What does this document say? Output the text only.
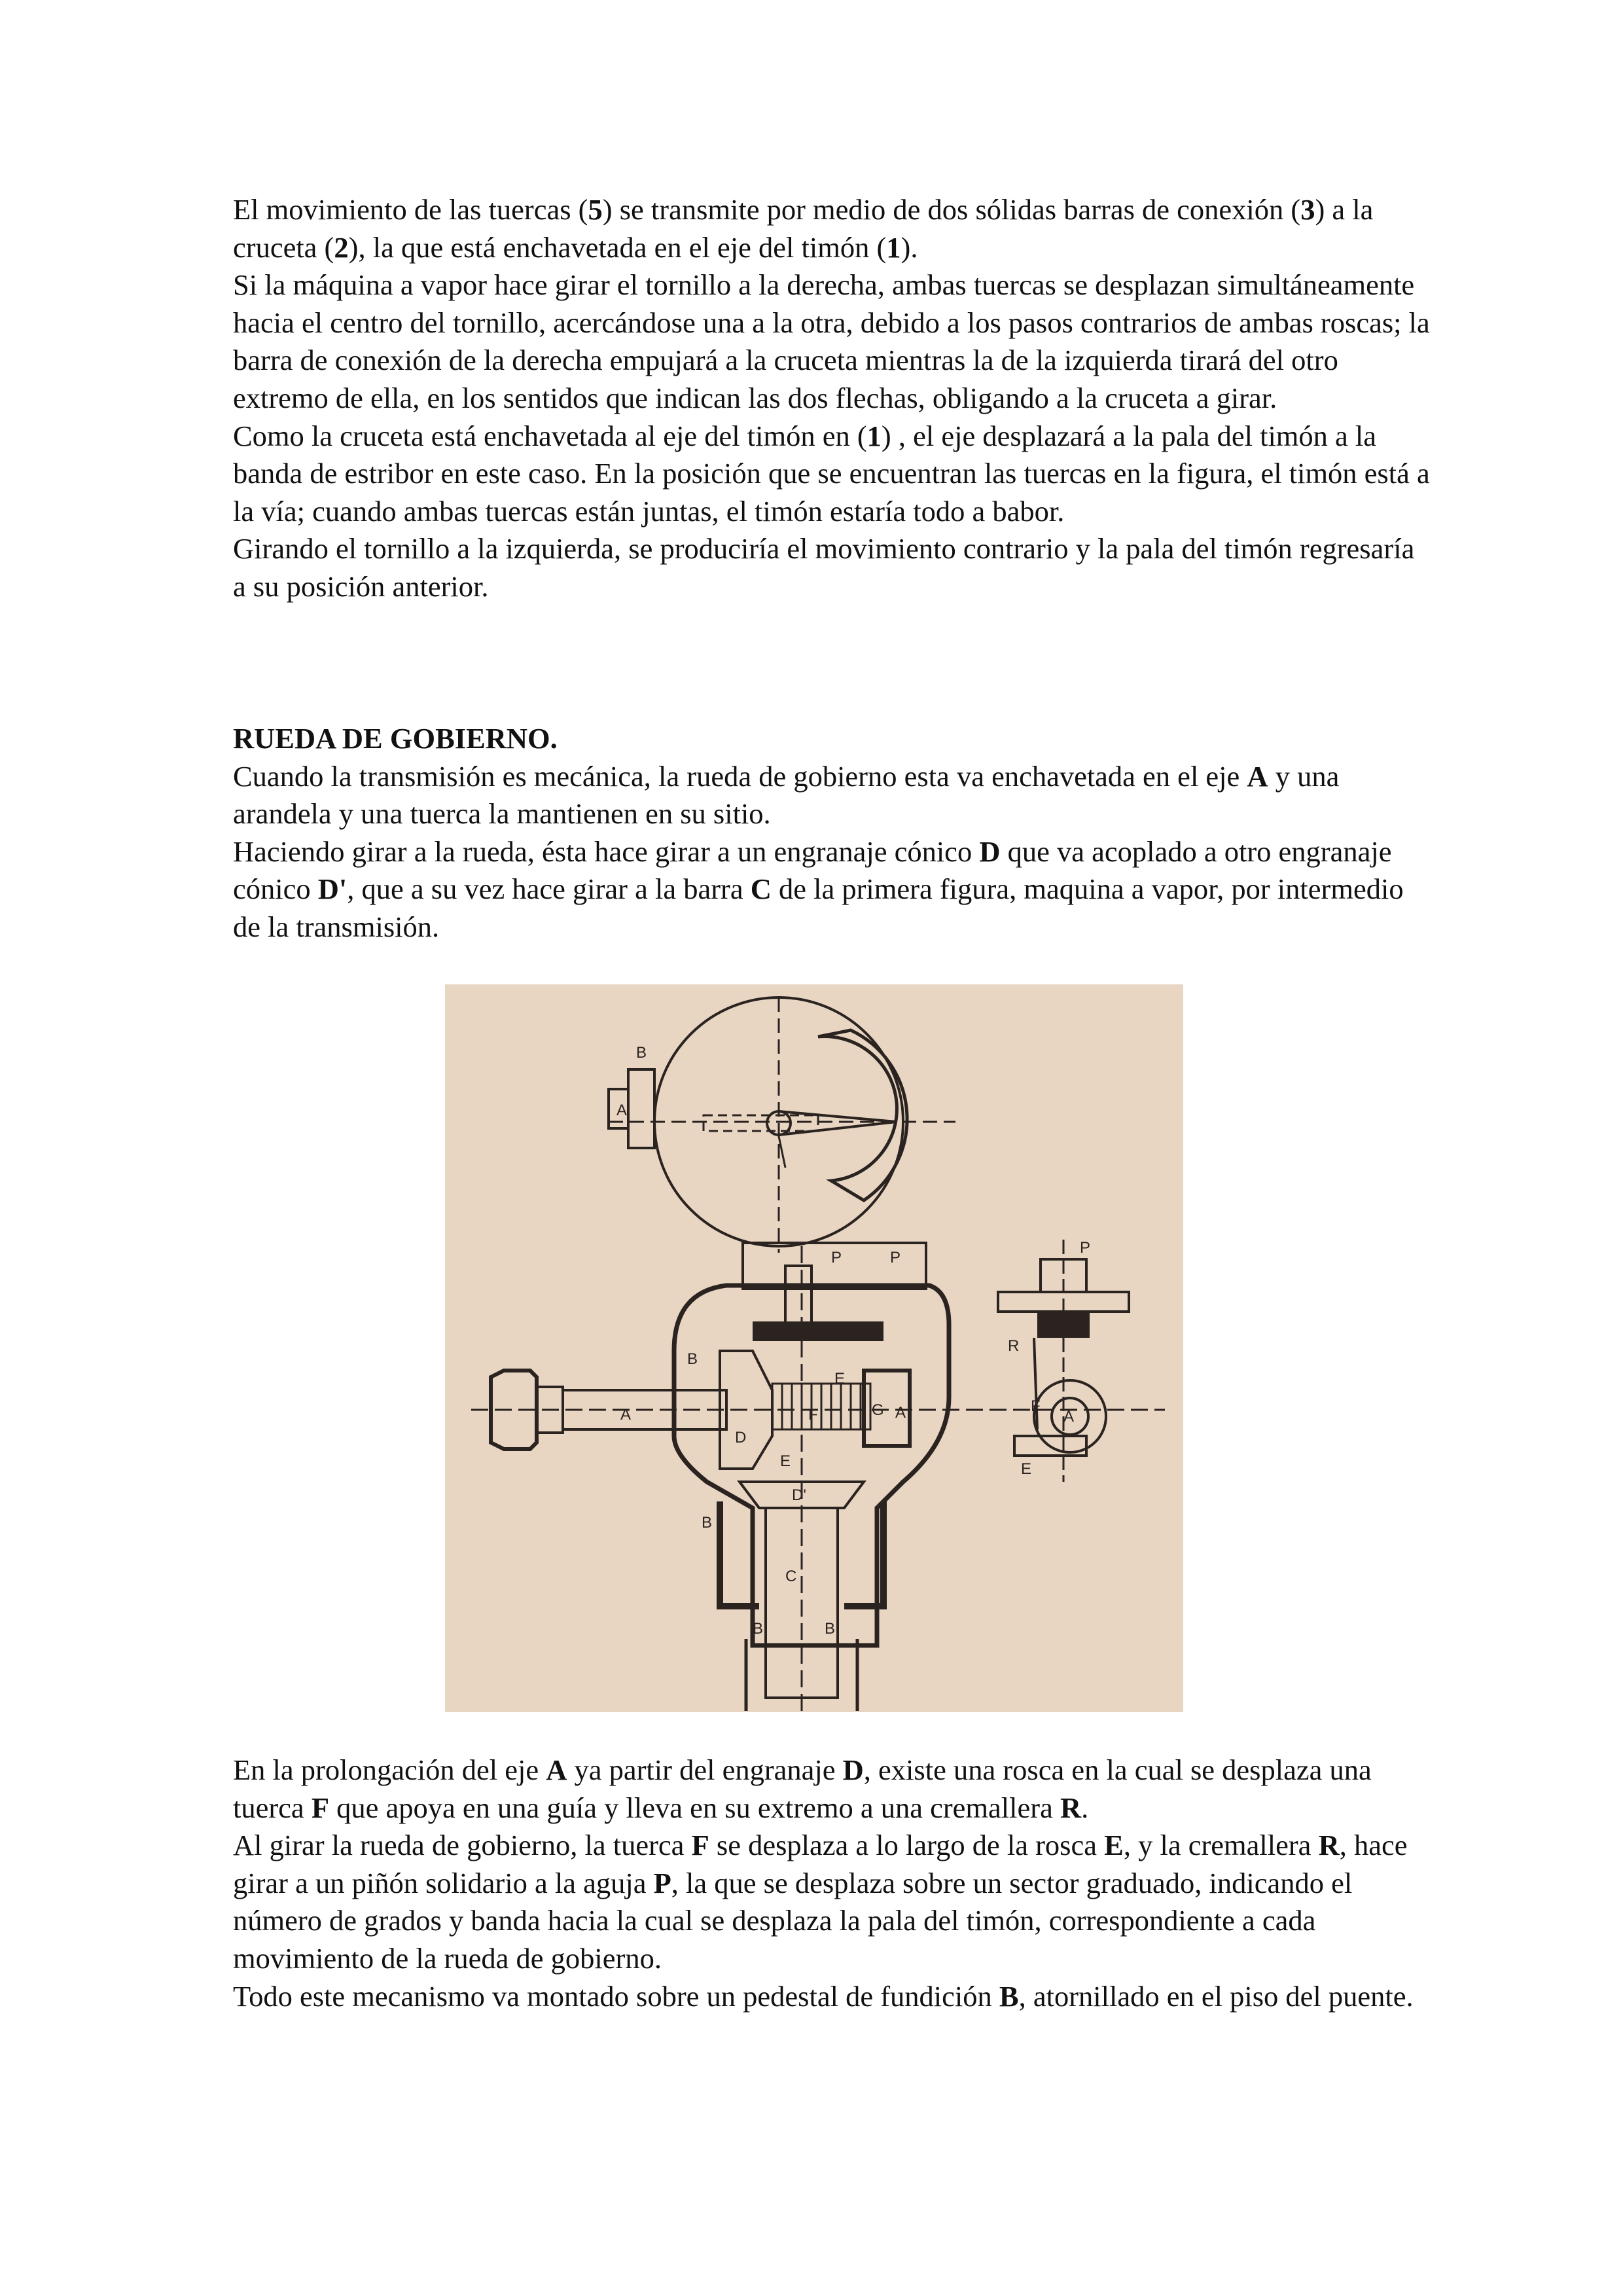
El movimiento de las tuercas (5) se transmite por medio de dos sólidas barras de conexión (3) a la cruceta (2), la que está enchavetada en el eje del timón (1).

Si la máquina a vapor hace girar el tornillo a la derecha, ambas tuercas se desplazan simultáneamente hacia el centro del tornillo, acercándose una a la otra, debido a los pasos contrarios de ambas roscas; la barra de conexión de la derecha empujará a la cruceta mientras la de la izquierda tirará del otro extremo de ella, en los sentidos que indican las dos flechas, obligando a la cruceta a girar.

Como la cruceta está enchavetada al eje del timón en (1) , el eje desplazará a la pala del timón a la banda de estribor en este caso. En la posición que se encuentran las tuercas en la figura, el timón está a la vía; cuando ambas tuercas están juntas, el timón estaría todo a babor.

Girando el tornillo a la izquierda, se produciría el movimiento contrario y la pala del timón regresaría a su posición anterior.

RUEDA DE GOBIERNO.

Cuando la transmisión es mecánica, la rueda de gobierno esta va enchavetada en el eje A y una arandela y una tuerca la mantienen en su sitio.

Haciendo girar a la rueda, ésta hace girar a un engranaje cónico D que va acoplado a otro engranaje cónico D', que a su vez hace girar a la barra C de la primera figura, maquina a vapor, por intermedio de la transmisión.

B
A
P	P
R
B
A
E
F	G A
D
E
D'
B
C
B	B
P
R
F
A
E

En la prolongación del eje A ya partir del engranaje D, existe una rosca en la cual se desplaza una tuerca F que apoya en una guía y lleva en su extremo a una cremallera R.

Al girar la rueda de gobierno, la tuerca F se desplaza a lo largo de la rosca E, y la cremallera R, hace girar a un piñón solidario a la aguja P, la que se desplaza sobre un sector graduado, indicando el número de grados y banda hacia la cual se desplaza la pala del timón, correspondiente a cada movimiento de la rueda de gobierno.

Todo este mecanismo va montado sobre un pedestal de fundición B, atornillado en el piso del puente.
